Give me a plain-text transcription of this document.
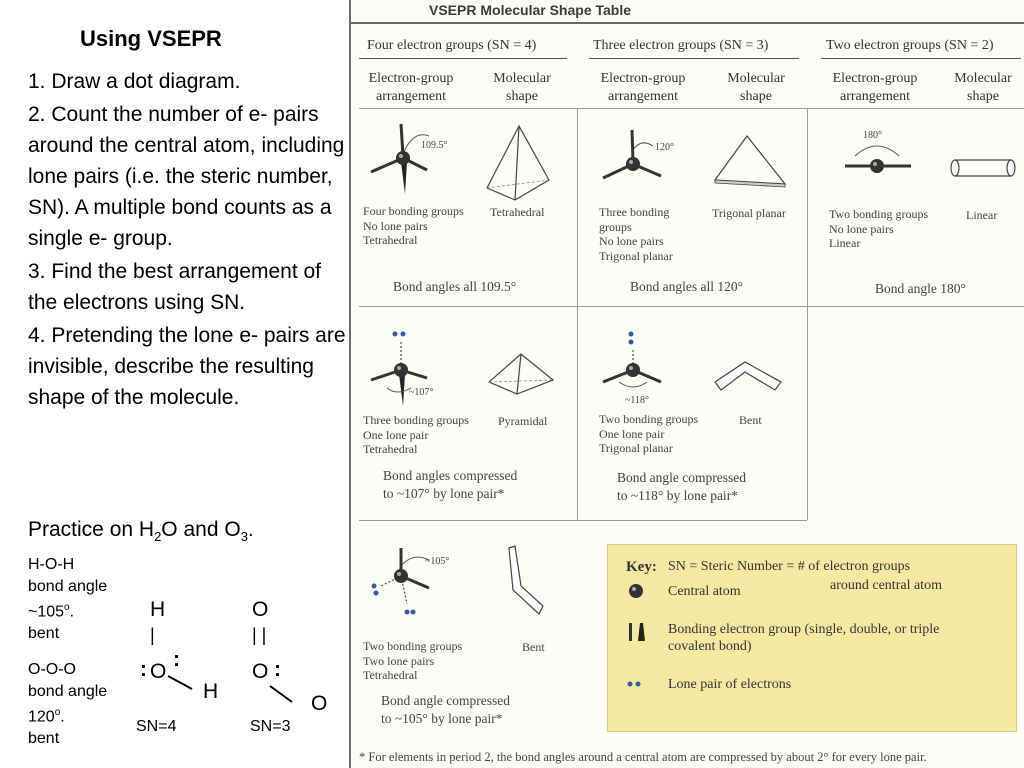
Using VSEPR

1. Draw a dot diagram.

2. Count the number of e- pairs around the central atom, including lone pairs (i.e. the steric number, SN). A multiple bond counts as a single e- group.

3. Find the best arrangement of the electrons using SN.

4. Pretending the lone e- pairs are invisible, describe the resulting shape of the molecule.

Practice on $H_2O$ and $O_3$.
H-O-H
bond angle
~105$^o$.
bent
O-O-O
bond angle
120$^o$.
bent
H
|
: :
O
H
SN=4
O
| |
O :
O
SN=3
VSEPR Molecular Shape Table
Four electron groups (SN = 4)	Three electron groups (SN = 3)	Two electron groups (SN = 2)
Electron-group
arrangement
Molecular
shape
Electron-group
arrangement
Molecular
shape
Electron-group
arrangement
Molecular
shape
109.5°
Four bonding groups
No lone pairs
Tetrahedral
Tetrahedral
Bond angles all 109.5°
120°
Three bonding
groups
No lone pairs
Trigonal planar
Trigonal planar
Bond angles all 120°
180°
Two bonding groups
No lone pairs
Linear
Linear
Bond angle 180°
~107°
Three bonding groups
One lone pair
Tetrahedral
Pyramidal
Bond angles compressed
to ~107° by lone pair*
~118°
Two bonding groups
One lone pair
Trigonal planar
Bent
Bond angle compressed
to ~118° by lone pair*
~105°
Two bonding groups
Two lone pairs
Tetrahedral
Bent
Bond angle compressed
to ~105° by lone pair*
Key: SN = Steric Number = # of electron groups
around central atom
Central atom
Bonding electron group (single, double, or triple
covalent bond)
Lone pair of electrons
* For elements in period 2, the bond angles around a central atom are compressed by about 2° for every lone pair.
